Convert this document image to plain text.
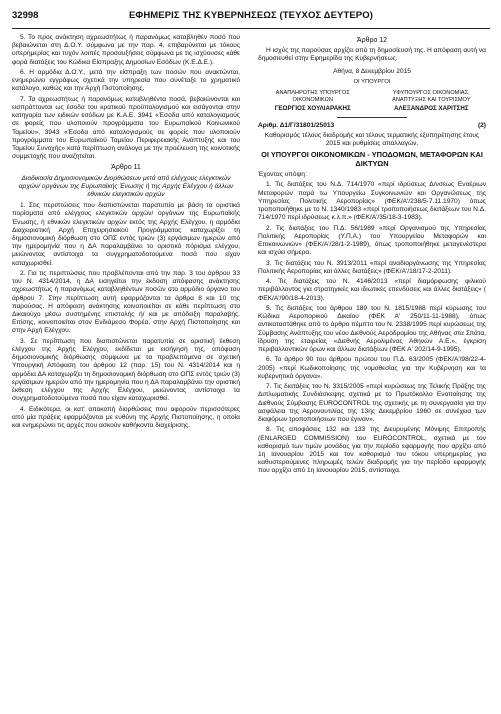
32998	ΕΦΗΜΕΡΙΣ ΤΗΣ ΚΥΒΕΡΝΗΣΕΩΣ (ΤΕΥΧΟΣ ΔΕΥΤΕΡΟ)

5. Το προς ανάκτηση αχρεωστήτως ή παρανόμως καταβληθέν ποσό που βεβαιώνεται στη Δ.Ο.Υ. σύμφωνα με την παρ. 4, επιβαρύνεται με τόκους υπερημερίας και τυχόν λοιπές προσαυξήσεις σύμφωνα με τις ισχύουσες κάθε φορά διατάξεις του Κώδικα Είσπραξης Δημοσίων Εσόδων (Κ.Ε.Δ.Ε.).

6. Η αρμόδια Δ.Ο.Υ., μετά την είσπραξη των ποσών που ανακτώνται, ενημερώνει εγγράφως σχετικά την υπηρεσία που συνέταξε το χρηματικό κατάλογο, καθώς και την Αρχή Πιστοποίησης.

7. Τα αχρεωστήτως ή παρανόμως καταβληθέντα ποσά, βεβαιώνονται και εισπράττονται ως έσοδα του κρατικού προϋπολογισμού και εισάγονται στην κατηγορία των ειδικών εσόδων με Κ.Α.Ε. 3941 «Έσοδα από καταλογισμούς σε φορείς που υλοποιούν προγράμματα του Ευρωπαϊκού Κοινωνικού Ταμείου», 3943 «Έσοδα από καταλογισμούς σε φορείς που υλοποιούν προγράμματα του Ευρωπαϊκού Ταμείου Περιφερειακής Ανάπτυξης και του Ταμείου Συνοχής» κατά περίπτωση ανάλογα με την προέλευση της κοινοτικής συμμετοχής που αναζητείται.

Άρθρο 11
Διαδικασία Δημοσιονομικών Διορθώσεων μετά από ελέγχους ελεγκτικών αρχών/ οργάνων της Ευρωπαϊκής Ένωσης ή της Αρχής Ελέγχου ή άλλων εθνικών ελεγκτικών αρχών

1. Στις περιπτώσεις που διαπιστώνεται παρατυπία με βάση τα οριστικά πορίσματα από ελέγχους ελεγκτικών αρχών/ οργάνων της Ευρωπαϊκής Ένωσης, ή εθνικών ελεγκτικών αρχών εκτός της Αρχής Ελέγχου, η αρμόδια Διαχειριστική Αρχή Επιχειρησιακού Προγράμματος καταχωρίζει τη δημοσιονομική διόρθωση στο ΟΠΣ εντός τριών (3) εργάσιμων ημερών από την ημερομηνία που η ΔΑ παραλαμβάνει το οριστικό πόρισμα ελέγχου, μειώνοντας αντίστοιχα τα συγχρηματοδοτούμενα ποσά που είχαν καταχωρισθεί.

2. Για τις περιπτώσεις που προβλέπονται από την παρ. 3 του άρθρου 33 του Ν. 4314/2014, η ΔΑ εισηγείται την έκδοση απόφασης ανάκτησης αχρεωστήτως ή παρανόμως καταβληθέντων ποσών στο αρμόδιο όργανο του άρθρου 7. Στην περίπτωση αυτή εφαρμόζονται τα άρθρα 8 και 10 της παρούσας. Η απόφαση ανάκτησης κοινοποιείται σε κάθε περίπτωση στο Δικαιούχο μέσω συστημένης επιστολής ή/ και με απόδειξη παραλαβής. Επίσης, κοινοποιείται στον Ενδιάμεσο Φορέα, στην Αρχή Πιστοποίησης και στην Αρχή Ελέγχου.

3. Σε περίπτωση που διαπιστώνεται παρατυπία σε οριστική έκθεση ελέγχου της Αρχής Ελέγχου, εκδίδεται με εισήγησή της, απόφαση δημοσιονομικής διόρθωσης σύμφωνα με τα προβλεπόμενα σε σχετική Υπουργική Απόφαση του άρθρου 12 (παρ. 15) του Ν. 4314/2014 και η αρμόδια ΔΑ καταχωρίζει τη δημοσιονομική διόρθωση στο ΟΠΣ εντός τριών (3) εργάσιμων ημερών από την ημερομηνία που η ΔΑ παραλαμβάνει την οριστική έκθεση ελέγχου της Αρχής Ελέγχου, μειώνοντας αντίστοιχα τα συγχρηματοδοτούμενα ποσά που είχαν καταχωρισθεί.

4. Ειδικότερα, οι κατ' αποκοπή διορθώσεις που αφορούν περισσότερες από μία πράξεις εφαρμόζονται με ευθύνη της Αρχής Πιστοποίησης, η οποία και ενημερώνει τις αρχές που ασκούν καθήκοντα διαχείρισης.

Άρθρο 12

Η ισχύς της παρούσας αρχίζει από τη δημοσίευσή της. Η απόφαση αυτή να δημοσιευθεί στην Εφημερίδα της Κυβερνήσεως.

Αθήνα, 8 Δεκεμβρίου 2015
ΟΙ ΥΠΟΥΡΓΟΙ
ΑΝΑΠΛΗΡΩΤΗΣ ΥΠΟΥΡΓΟΣ ΟΙΚΟΝΟΜΙΚΩΝ
ΓΕΩΡΓΙΟΣ ΧΟΥΛΙΑΡΑΚΗΣ
ΥΦΥΠΟΥΡΓΟΣ ΟΙΚΟΝΟΜΙΑΣ, ΑΝΑΠΤΥΞΗΣ ΚΑΙ ΤΟΥΡΙΣΜΟΥ
ΑΛΕΞΑΝΔΡΟΣ ΧΑΡΙΤΣΗΣ
Αριθμ. Δ1/Γ/31801/25013	(2)
Καθορισμός τέλους διαδρομής και τέλους τερματικής εξυπηρέτησης έτους 2015 και ρυθμίσεις απαλλαγών.
ΟΙ ΥΠΟΥΡΓΟΙ ΟΙΚΟΝΟΜΙΚΩΝ - ΥΠΟΔΟΜΩΝ, ΜΕΤΑΦΟΡΩΝ ΚΑΙ ΔΙΚΤΥΩΝ
Έχοντας υπόψη:

1. Τις διατάξεις του Ν.Δ. 714/1970 «περί ιδρύσεως Δ/νσεως Εναέριων Μεταφορών παρά τω Υπουργείω Συγκοινωνιών και Οργανώσεως της Υπηρεσίας Πολιτικής Αεροπορίας» (ΦΕΚ/Α'/238/5-7.11.1970) όπως τροποποιήθηκε με το Ν. 1340/1983 «περί τροποποιήσεως διατάξεων του Ν.Δ. 714/1970 περί ιδρύσεως κ.λ.π.» (ΦΕΚ/Α'/35/18-3-1983).

2. Τις διατάξεις του Π.Δ. 56/1989 «περί Οργανισμού της Υπηρεσίας Πολιτικής Αεροπορίας (Υ.Π.Α.) του Υπουργείου Μεταφορών και Επικοινωνιών» (ΦΕΚ/Α'/28/1-2-1989), όπως τροποποιήθηκε μεταγενέστερα και ισχύει σήμερα.

3. Τις διατάξεις του Ν. 3913/2011 «περί αναδιοργάνωσης της Υπηρεσίας Πολιτικής Αεροπορίας και άλλες διατάξεις» (ΦΕΚ/Α'/18/17-2-2011).

4. Τις διατάξεις του Ν. 4146/2013 «περί διαμόρφωσης φιλικού περιβάλλοντος για στρατηγικές και ιδιωτικές επενδύσεις και άλλες διατάξεις» ( ΦΕΚ/Α'/90/18-4-2013).

5. Τις διατάξεις του άρθρου 189 του Ν. 1815/1988 περί κύρωσης του Κώδικα Αεροπορικού Δικαίου (ΦΕΚ Α' 250/11-11-1988), όπως αντικαταστάθηκε από το άρθρο πέμπτο του Ν. 2338/1995 περί κυρώσεως της Σύμβασης Ανάπτυξης του νέου Διεθνούς Αεροδρομίου της Αθήνας στα Σπάτα, ίδρυση της εταιρείας «Διεθνής Αερολιμένας Αθηνών Α.Ε.», έγκριση περιβαλλοντικών όρων και άλλων διατάξεων (ΦΕΚ Α' 202/14-9-1995).

6. Το άρθρο 90 του άρθρου πρώτου του Π.Δ. 63/2005 (ΦΕΚ/Α'/98/22-4-2005) «περί Κωδικοποίησης της νομοθεσίας για την Κυβέρνηση και τα κυβερνητικά όργανα».

7. Τις διατάξεις του Ν. 3315/2005 «περί κυρώσεως της Τελικής Πράξης της Διπλωματικής Συνδιάσκεψης σχετικά με το Πρωτόκολλο Ενοποίησης της Διεθνούς Σύμβασης EUROCONTROL της σχετικής με τη συνεργασία για την ασφάλεια της Αεροναυτιλίας της 13ης Δεκεμβρίου 1960 σε συνέχεια των διαφόρων τροποποιήσεων που έγιναν».

8. Τις αποφάσεις 132 και 133 της Διευρυμένης Μόνιμης Επιτροπής (ENLARGED COMMISSION) του EUROCONTROL, σχετικά με τον καθορισμό των τιμών μονάδος για την περίοδο εφαρμογής που αρχίζει από 1η Ιανουαρίου 2015 και τον καθορισμό του τόκου υπερημερίας για καθυστερούμενες πληρωμές τελών διαδρομής για την περίοδο εφαρμογής που αρχίζει από 1η Ιανουαρίου 2015, αντίστοιχα.
